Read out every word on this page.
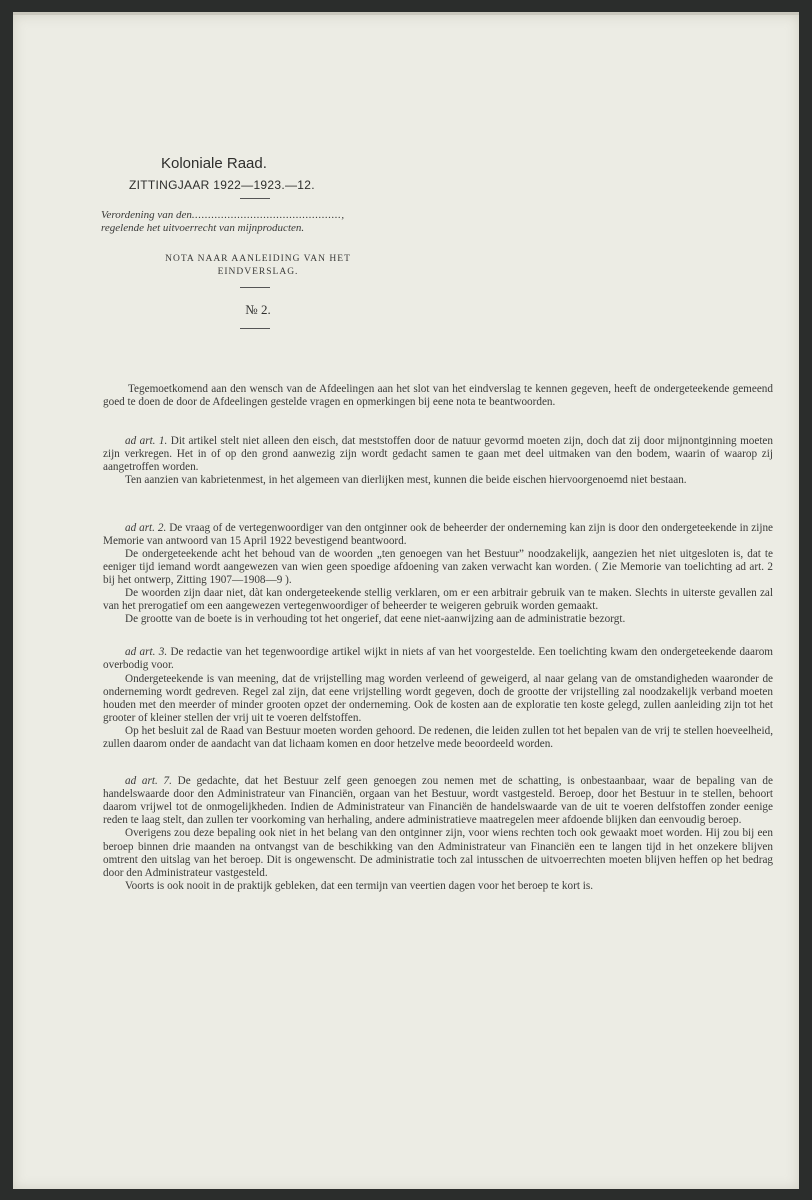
Koloniale Raad.
ZITTINGJAAR 1922—1923.—12.
Verordening van den..............................................,
regelende het uitvoerrecht van mijnproducten.
NOTA NAAR AANLEIDING VAN HET
EINDVERSLAG.
№ 2.

Tegemoetkomend aan den wensch van de Afdeelingen aan het slot van het eindverslag te kennen gegeven, heeft de ondergeteekende gemeend goed te doen de door de Afdeelingen gestelde vragen en opmerkingen bij eene nota te beantwoorden.

ad art. 1. Dit artikel stelt niet alleen den eisch, dat meststoffen door de natuur gevormd moeten zijn, doch dat zij door mijnontginning moeten zijn verkregen. Het in of op den grond aanwezig zijn wordt gedacht samen te gaan met deel uitmaken van den bodem, waarin of waarop zij aangetroffen worden.

Ten aanzien van kabrietenmest, in het algemeen van dierlijken mest, kunnen die beide eischen hiervoorgenoemd niet bestaan.

ad art. 2. De vraag of de vertegenwoordiger van den ontginner ook de beheerder der onderneming kan zijn is door den ondergeteekende in zijne Memorie van antwoord van 15 April 1922 bevestigend beantwoord.

De ondergeteekende acht het behoud van de woorden „ten genoegen van het Bestuur” noodzakelijk, aangezien het niet uitgesloten is, dat te eeniger tijd iemand wordt aangewezen van wien geen spoedige afdoening van zaken verwacht kan worden. ( Zie Memorie van toelichting ad art. 2 bij het ontwerp, Zitting 1907—1908—9 ).

De woorden zijn daar niet, dàt kan ondergeteekende stellig verklaren, om er een arbitrair gebruik van te maken. Slechts in uiterste gevallen zal van het prerogatief om een aangewezen vertegenwoordiger of beheerder te weigeren gebruik worden gemaakt.

De grootte van de boete is in verhouding tot het ongerief, dat eene niet-aanwijzing aan de administratie bezorgt.

ad art. 3. De redactie van het tegenwoordige artikel wijkt in niets af van het voorgestelde. Een toelichting kwam den ondergeteekende daarom overbodig voor.

Ondergeteekende is van meening, dat de vrijstelling mag worden verleend of geweigerd, al naar gelang van de omstandigheden waaronder de onderneming wordt gedreven. Regel zal zijn, dat eene vrijstelling wordt gegeven, doch de grootte der vrijstelling zal noodzakelijk verband moeten houden met den meerder of minder grooten opzet der onderneming. Ook de kosten aan de exploratie ten koste gelegd, zullen aanleiding zijn tot het grooter of kleiner stellen der vrij uit te voeren delfstoffen.

Op het besluit zal de Raad van Bestuur moeten worden gehoord. De redenen, die leiden zullen tot het bepalen van de vrij te stellen hoeveelheid, zullen daarom onder de aandacht van dat lichaam komen en door hetzelve mede beoordeeld worden.

ad art. 7. De gedachte, dat het Bestuur zelf geen genoegen zou nemen met de schatting, is onbestaanbaar, waar de bepaling van de handelswaarde door den Administrateur van Financiën, orgaan van het Bestuur, wordt vastgesteld. Beroep, door het Bestuur in te stellen, behoort daarom vrijwel tot de onmogelijkheden. Indien de Administrateur van Financiën de handelswaarde van de uit te voeren delfstoffen zonder eenige reden te laag stelt, dan zullen ter voorkoming van herhaling, andere administratieve maatregelen meer afdoende blijken dan eenvoudig beroep.

Overigens zou deze bepaling ook niet in het belang van den ontginner zijn, voor wiens rechten toch ook gewaakt moet worden. Hij zou bij een beroep binnen drie maanden na ontvangst van de beschikking van den Administrateur van Financiën een te langen tijd in het onzekere blijven omtrent den uitslag van het beroep. Dit is ongewenscht. De administratie toch zal intusschen de uitvoerrechten moeten blijven heffen op het bedrag door den Administrateur vastgesteld.

Voorts is ook nooit in de praktijk gebleken, dat een termijn van veertien dagen voor het beroep te kort is.
